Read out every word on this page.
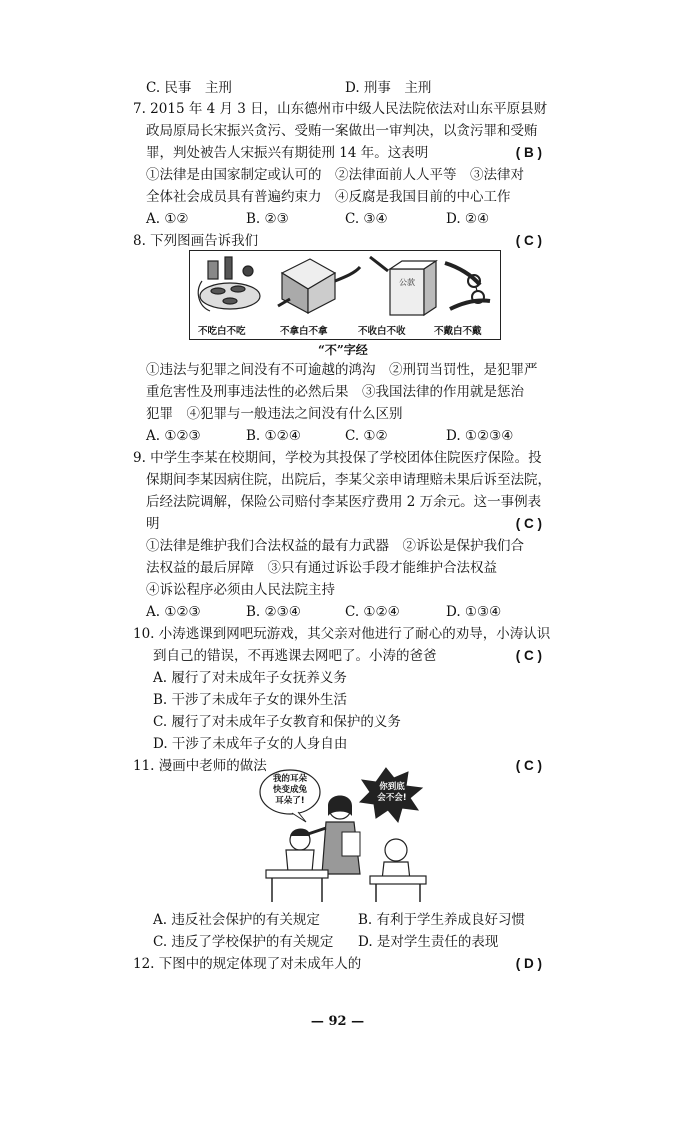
C. 民事　主刑	D. 刑事　主刑
7. 2015 年 4 月 3 日，山东德州市中级人民法院依法对山东平原县财
政局原局长宋振兴贪污、受贿一案做出一审判决，以贪污罪和受贿
罪，判处被告人宋振兴有期徒刑 14 年。这表明	( B )
①法律是由国家制定或认可的　②法律面前人人平等　③法律对
全体社会成员具有普遍约束力　④反腐是我国目前的中心工作
A. ①②	B. ②③	C. ③④	D. ②④
8. 下列图画告诉我们	( C )
公款
不吃白不吃	不拿白不拿	不收白不收	不戴白不戴
“不”字经
①违法与犯罪之间没有不可逾越的鸿沟　②刑罚当罚性，是犯罪严
重危害性及刑事违法性的必然后果　③我国法律的作用就是惩治
犯罪　④犯罪与一般违法之间没有什么区别
A. ①②③	B. ①②④	C. ①②	D. ①②③④
9. 中学生李某在校期间，学校为其投保了学校团体住院医疗保险。投
保期间李某因病住院，出院后，李某父亲申请理赔未果后诉至法院，
后经法院调解，保险公司赔付李某医疗费用 2 万余元。这一事例表
明	( C )
①法律是维护我们合法权益的最有力武器　②诉讼是保护我们合
法权益的最后屏障　③只有通过诉讼手段才能维护合法权益
④诉讼程序必须由人民法院主持
A. ①②③	B. ②③④	C. ①②④	D. ①③④
10. 小涛逃课到网吧玩游戏，其父亲对他进行了耐心的劝导，小涛认识
到自己的错误，不再逃课去网吧了。小涛的爸爸	( C )
A. 履行了对未成年子女抚养义务
B. 干涉了未成年子女的课外生活
C. 履行了对未成年子女教育和保护的义务
D. 干涉了未成年子女的人身自由
11. 漫画中老师的做法	( C )
我的耳朵
快变成兔
耳朵了!
你到底
会不会!
A. 违反社会保护的有关规定	B. 有利于学生养成良好习惯
C. 违反了学校保护的有关规定 D. 是对学生责任的表现
12. 下图中的规定体现了对未成年人的	( D )
— 92 —
